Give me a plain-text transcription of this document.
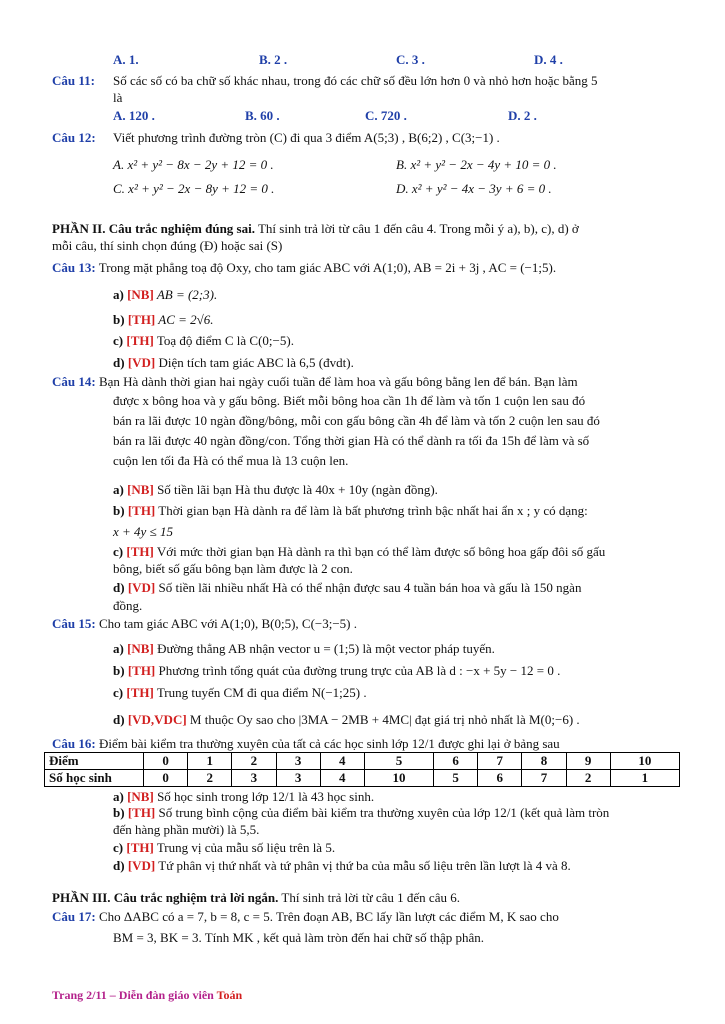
A. 1.	B. 2 .	C. 3 .	D. 4 .
Câu 11: Số các số có ba chữ số khác nhau, trong đó các chữ số đều lớn hơn 0 và nhỏ hơn hoặc bằng 5
là
A. 120 .	B. 60 .	C. 720 .	D. 2 .
Câu 12: Viết phương trình đường tròn (C) đi qua 3 điểm A(5;3) , B(6;2) , C(3;−1) .
A. x² + y² − 8x − 2y + 12 = 0 .	B. x² + y² − 2x − 4y + 10 = 0 .
C. x² + y² − 2x − 8y + 12 = 0 .	D. x² + y² − 4x − 3y + 6 = 0 .
PHẦN II. Câu trắc nghiệm đúng sai. Thí sinh trả lời từ câu 1 đến câu 4. Trong mỗi ý a), b), c), d) ở
mỗi câu, thí sinh chọn đúng (Đ) hoặc sai (S)
Câu 13: Trong mặt phẳng toạ độ Oxy, cho tam giác ABC với A(1;0), AB = 2i + 3j , AC = (−1;5).
a) [NB] AB = (2;3).
b) [TH] AC = 2√6.
c) [TH] Toạ độ điểm C là C(0;−5).
d) [VD] Diện tích tam giác ABC là 6,5 (đvdt).
Câu 14: Bạn Hà dành thời gian hai ngày cuối tuần để làm hoa và gấu bông bằng len để bán. Bạn làm
được x bông hoa và y gấu bông. Biết mỗi bông hoa cần 1h để làm và tốn 1 cuộn len sau đó
bán ra lãi được 10 ngàn đồng/bông, mỗi con gấu bông cần 4h để làm và tốn 2 cuộn len sau đó
bán ra lãi được 40 ngàn đồng/con. Tổng thời gian Hà có thể dành ra tối đa 15h để làm và số
cuộn len tối đa Hà có thể mua là 13 cuộn len.
a) [NB] Số tiền lãi bạn Hà thu được là 40x + 10y (ngàn đồng).
b) [TH] Thời gian bạn Hà dành ra để làm là bất phương trình bậc nhất hai ẩn x ; y có dạng:
x + 4y ≤ 15
c) [TH] Với mức thời gian bạn Hà dành ra thì bạn có thể làm được số bông hoa gấp đôi số gấu
bông, biết số gấu bông bạn làm được là 2 con.
d) [VD] Số tiền lãi nhiều nhất Hà có thể nhận được sau 4 tuần bán hoa và gấu là 150 ngàn
đồng.
Câu 15: Cho tam giác ABC với A(1;0), B(0;5), C(−3;−5) .
a) [NB] Đường thẳng AB nhận vector u = (1;5) là một vector pháp tuyến.
b) [TH] Phương trình tổng quát của đường trung trực của AB là d : −x + 5y − 12 = 0 .
c) [TH] Trung tuyến CM đi qua điểm N(−1;25) .
d) [VD,VDC] M thuộc Oy sao cho |3MA − 2MB + 4MC| đạt giá trị nhỏ nhất là M(0;−6) .
Câu 16: Điểm bài kiểm tra thường xuyên của tất cả các học sinh lớp 12/1 được ghi lại ở bảng sau
Điểm	0	1	2	3	4	5	6	7	8	9	10
Số học sinh	0	2	3	3	4	10	5	6	7	2	1
a) [NB] Số học sinh trong lớp 12/1 là 43 học sinh.
b) [TH] Số trung bình cộng của điểm bài kiểm tra thường xuyên của lớp 12/1 (kết quả làm tròn
đến hàng phần mười) là 5,5.
c) [TH] Trung vị của mẫu số liệu trên là 5.
d) [VD] Tứ phân vị thứ nhất và tứ phân vị thứ ba của mẫu số liệu trên lần lượt là 4 và 8.
PHẦN III. Câu trắc nghiệm trả lời ngắn. Thí sinh trả lời từ câu 1 đến câu 6.
Câu 17: Cho ΔABC có a = 7, b = 8, c = 5. Trên đoạn AB, BC lấy lần lượt các điểm M, K sao cho
BM = 3, BK = 3. Tính MK , kết quả làm tròn đến hai chữ số thập phân.
Trang 2/11 – Diễn đàn giáo viên Toán
